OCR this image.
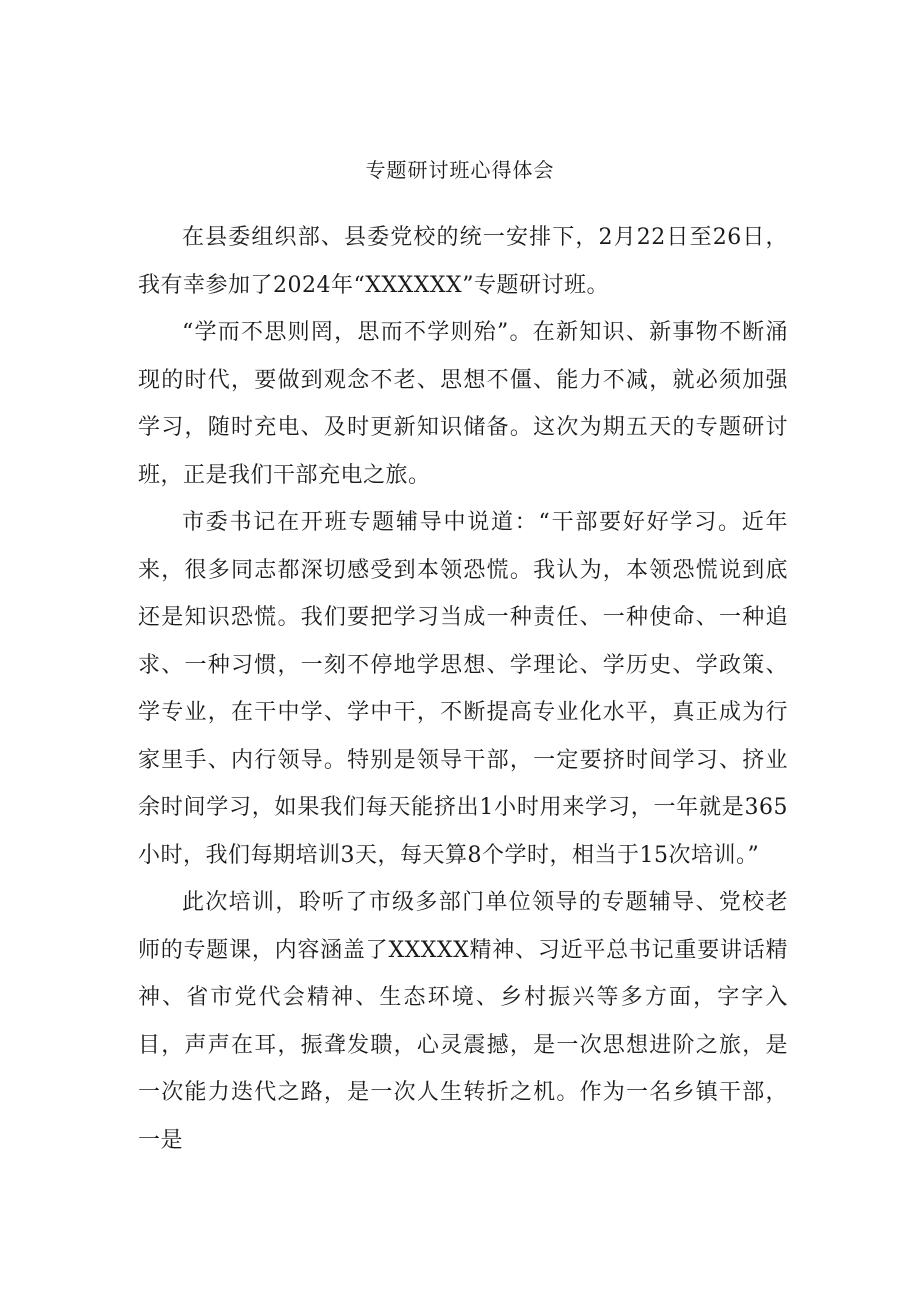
专题研讨班心得体会

在县委组织部、县委党校的统一安排下，2月22日至26日，我有幸参加了2024年“XXXXXX”专题研讨班。

“学而不思则罔，思而不学则殆”。在新知识、新事物不断涌现的时代，要做到观念不老、思想不僵、能力不减，就必须加强学习，随时充电、及时更新知识储备。这次为期五天的专题研讨班，正是我们干部充电之旅。

市委书记在开班专题辅导中说道：“干部要好好学习。近年来，很多同志都深切感受到本领恐慌。我认为，本领恐慌说到底还是知识恐慌。我们要把学习当成一种责任、一种使命、一种追求、一种习惯，一刻不停地学思想、学理论、学历史、学政策、学专业，在干中学、学中干，不断提高专业化水平，真正成为行家里手、内行领导。特别是领导干部，一定要挤时间学习、挤业余时间学习，如果我们每天能挤出1小时用来学习，一年就是365小时，我们每期培训3天，每天算8个学时，相当于15次培训。”

此次培训，聆听了市级多部门单位领导的专题辅导、党校老师的专题课，内容涵盖了XXXXX精神、习近平总书记重要讲话精神、省市党代会精神、生态环境、乡村振兴等多方面，字字入目，声声在耳，振聋发聩，心灵震撼，是一次思想进阶之旅，是一次能力迭代之路，是一次人生转折之机。作为一名乡镇干部，一是
